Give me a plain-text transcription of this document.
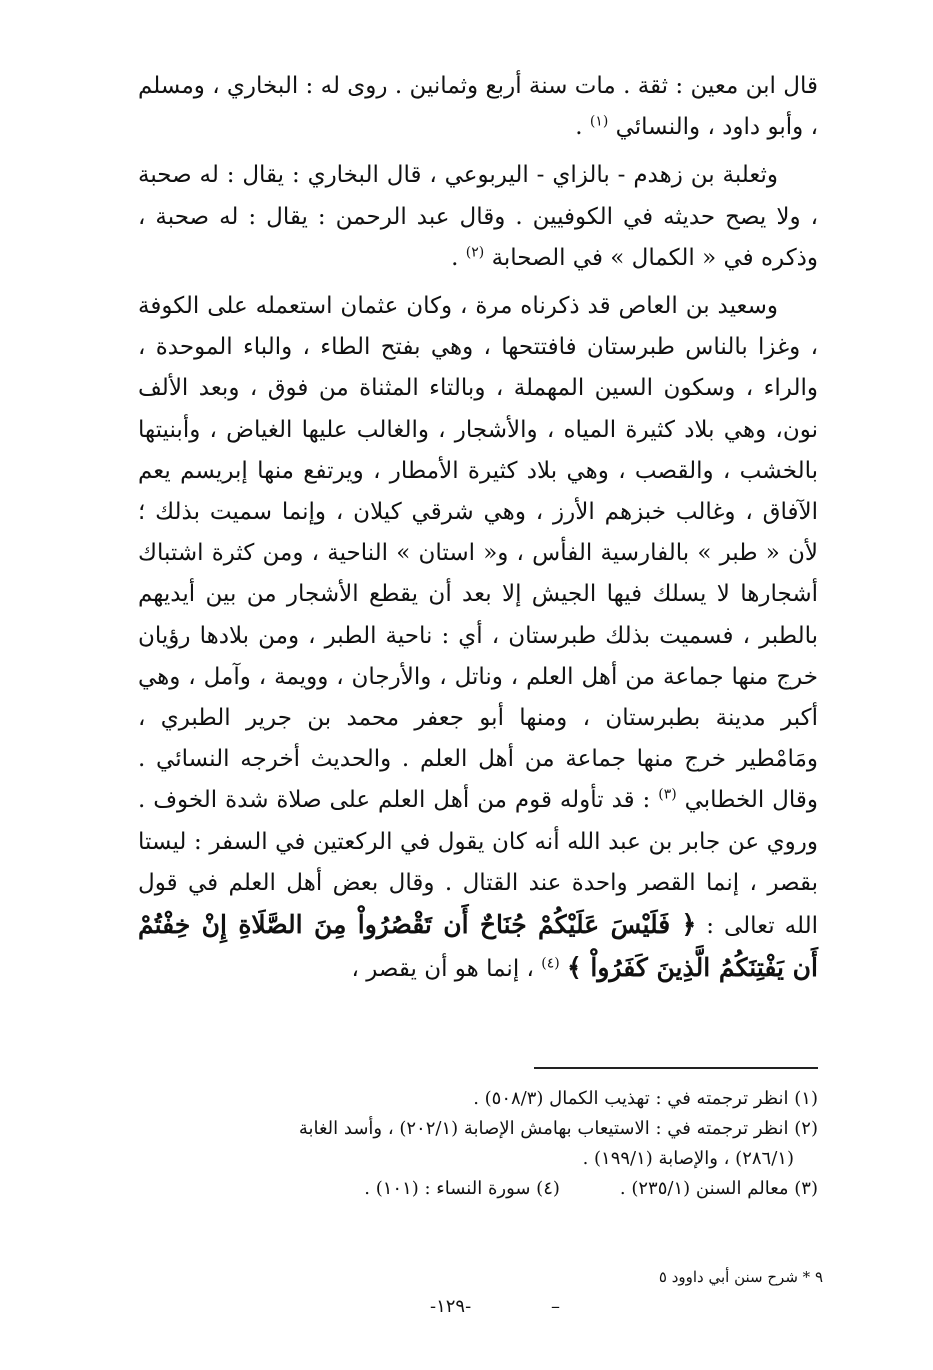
قال ابن معين : ثقة . مات سنة أربع وثمانين . روى له : البخاري ، ومسلم ، وأبو داود ، والنسائي $^{(١)}$ .

وثعلبة بن زهدم - بالزاي - اليربوعي ، قال البخاري : يقال : له صحبة ، ولا يصح حديثه في الكوفيين . وقال عبد الرحمن : يقال : له صحبة ، وذكره في « الكمال » في الصحابة $^{(٢)}$ .

وسعيد بن العاص قد ذكرناه مرة ، وكان عثمان استعمله على الكوفة ، وغزا بالناس طبرستان فافتتحها ، وهي بفتح الطاء ، والباء الموحدة ، والراء ، وسكون السين المهملة ، وبالتاء المثناة من فوق ، وبعد الألف نون، وهي بلاد كثيرة المياه ، والأشجار ، والغالب عليها الغياض ، وأبنيتها بالخشب ، والقصب ، وهي بلاد كثيرة الأمطار ، ويرتفع منها إبريسم يعم الآفاق ، وغالب خبزهم الأرز ، وهي شرقي كيلان ، وإنما سميت بذلك ؛ لأن « طبر » بالفارسية الفأس ، و« استان » الناحية ، ومن كثرة اشتباك أشجارها لا يسلك فيها الجيش إلا بعد أن يقطع الأشجار من بين أيديهم بالطبر ، فسميت بذلك طبرستان ، أي : ناحية الطبر ، ومن بلادها رؤيان خرج منها جماعة من أهل العلم ، وناتل ، والأرجان ، وويمة ، وآمل ، وهي أكبر مدينة بطبرستان ، ومنها أبو جعفر محمد بن جرير الطبري ، ومَامْطير خرج منها جماعة من أهل العلم . والحديث أخرجه النسائي . وقال الخطابي $^{(٣)}$ : قد تأوله قوم من أهل العلم على صلاة شدة الخوف . وروي عن جابر بن عبد الله أنه كان يقول في الركعتين في السفر : ليستا بقصر ، إنما القصر واحدة عند القتال . وقال بعض أهل العلم في قول الله تعالى : ﴿ فَلَيْسَ عَلَيْكُمْ جُنَاحٌ أَن تَقْصُرُواْ مِنَ الصَّلَاةِ إِنْ خِفْتُمْ أَن يَفْتِنَكُمُ الَّذِينَ كَفَرُواْ ﴾ $^{(٤)}$ ، إنما هو أن يقصر ،

(١) انظر ترجمته في : تهذيب الكمال (٥٠٨/٣) .
(٢) انظر ترجمته في : الاستيعاب بهامش الإصابة (٢٠٢/١) ، وأسد الغابة
(٢٨٦/١) ، والإصابة (١٩٩/١) .
(٣) معالم السنن (٢٣٥/١) .
(٤) سورة النساء : (١٠١) .
٩ * شرح سنن أبي داوود ٥
–
-١٢٩-
